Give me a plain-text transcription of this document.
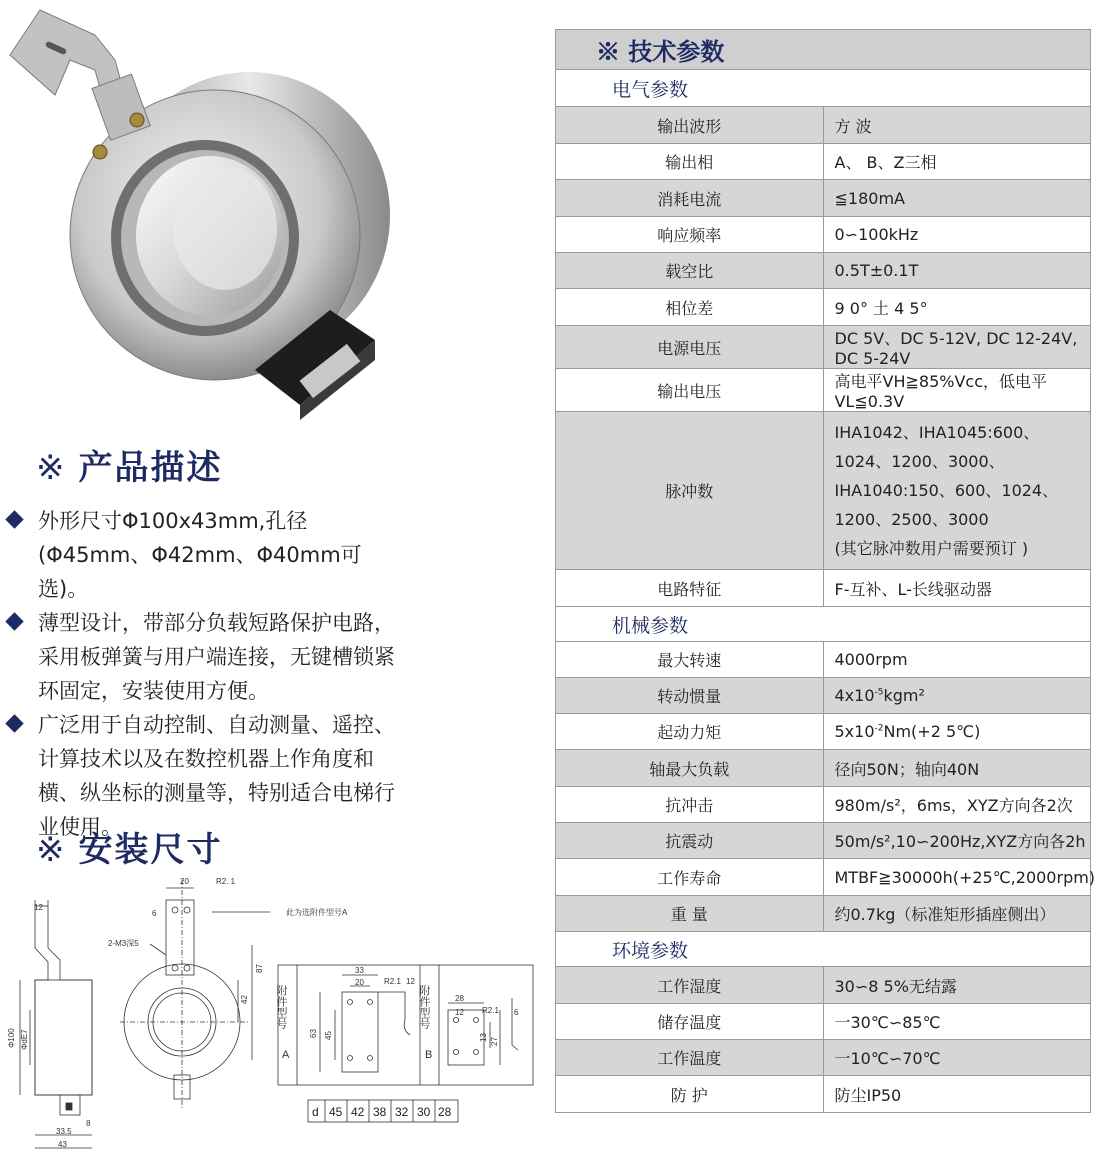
※ 产品描述
外形尺寸Φ100x43mm,孔径(Φ45mm、Φ42mm、Φ40mm可选)。
薄型设计，带部分负载短路保护电路，采用板弹簧与用户端连接，无键槽锁紧环固定，安装使用方便。
广泛用于自动控制、自动测量、遥控、计算技术以及在数控机器上作角度和横、纵坐标的测量等，特别适合电梯行业使用。
※ 安装尺寸
12
Φ100 ΦdE7
8
33.5
43
20	R2. 1
6	此为选附件型号A
2-M3深5
87
42 附件型号
A
附件型号
B
33
20	R2.1 12
63 45
28
12 R2.1 6
13 27
d 45 42 38 32 30 28
※ 技术参数	
电气参数	
输出波形	方 波
输出相	A、 B、Z三相
消耗电流	≦180mA
响应频率	0∽100kHz
载空比	0.5T±0.1T
相位差	9 0° 土 4 5°
电源电压	DC 5V、DC 5-12V, DC 12-24V, DC 5-24V
输出电压	高电平VH≧85%Vcc，低电平VL≦0.3V
脉冲数	IHA1042、IHA1045:600、1024、1200、3000、
IHA1040:150、600、1024、1200、2500、3000
(其它脉冲数用户需要预订 )

电路特征	F-互补、L-长线驱动器
机械参数	
最大转速	4000rpm
转动惯量	$4x10^{-5}kgm^2$
起动力矩	$5x10^{-2}Nm(+2$ 5℃)
轴最大负载	径向50N；轴向40N
抗冲击	980m/s²，6ms，XYZ方向各2次
抗震动	50m/s²,10∽200Hz,XYZ方向各2h
工作寿命	MTBF≧30000h(+25℃,2000rpm)
重 量	约0.7kg（标准矩形插座侧出）
环境参数	
工作湿度	30∽8 5%无结露
储存温度	一30℃∽85℃
工作温度	一10℃∽70℃
防 护	防尘IP50
